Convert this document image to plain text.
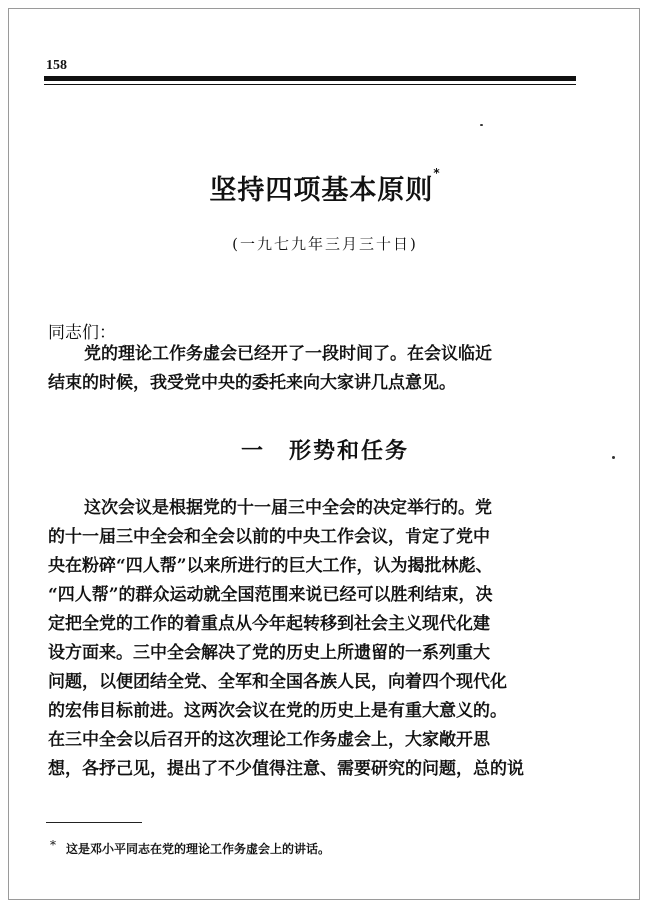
158
坚持四项基本原则*
(一九七九年三月三十日)
同志们：
党的理论工作务虚会已经开了一段时间了。在会议临近
结束的时候，我受党中央的委托来向大家讲几点意见。
一　形势和任务
这次会议是根据党的十一届三中全会的决定举行的。党
的十一届三中全会和全会以前的中央工作会议，肯定了党中
央在粉碎“四人帮”以来所进行的巨大工作，认为揭批林彪、
“四人帮”的群众运动就全国范围来说已经可以胜利结束，决
定把全党的工作的着重点从今年起转移到社会主义现代化建
设方面来。三中全会解决了党的历史上所遗留的一系列重大
问题，以便团结全党、全军和全国各族人民，向着四个现代化
的宏伟目标前进。这两次会议在党的历史上是有重大意义的。
在三中全会以后召开的这次理论工作务虚会上，大家敞开思
想，各抒己见，提出了不少值得注意、需要研究的问题，总的说
* 这是邓小平同志在党的理论工作务虚会上的讲话。
